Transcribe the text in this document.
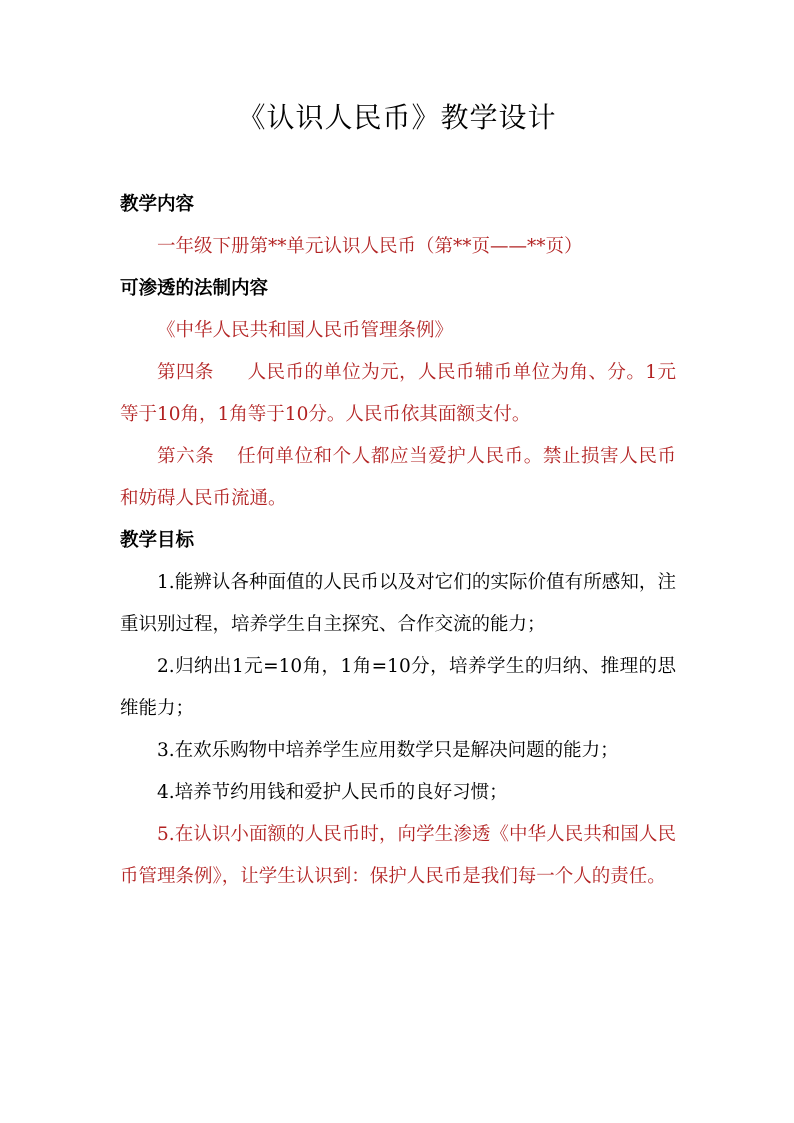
《认识人民币》教学设计

教学内容

一年级下册第**单元认识人民币（第**页——**页）

可渗透的法制内容

《中华人民共和国人民币管理条例》

第四条 人民币的单位为元，人民币辅币单位为角、分。1元等于10角，1角等于10分。人民币依其面额支付。

第六条 任何单位和个人都应当爱护人民币。禁止损害人民币和妨碍人民币流通。

教学目标

1.能辨认各种面值的人民币以及对它们的实际价值有所感知，注重识别过程，培养学生自主探究、合作交流的能力；

2.归纳出1元=10角，1角=10分，培养学生的归纳、推理的思维能力；

3.在欢乐购物中培养学生应用数学只是解决问题的能力；

4.培养节约用钱和爱护人民币的良好习惯；

5.在认识小面额的人民币时，向学生渗透《中华人民共和国人民币管理条例》，让学生认识到：保护人民币是我们每一个人的责任。
